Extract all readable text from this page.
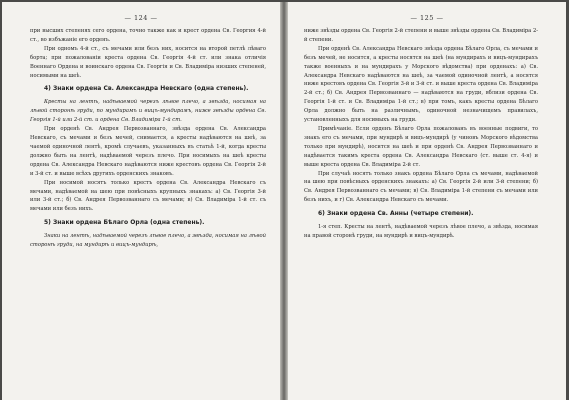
— 124 —

при высших степенях сего ордена, точно также как и крест ордена Св. Георгия 4-й ст., во избъжаніе его орденъ.

При одномъ 4-й ст., съ мечами или безъ них, носится на второй петлѣ лѣваго борта; при пожалованіи креста ордена Св. Георгія 4-й ст. или знака отличія Военнаго Ордена и воинскаго ордена Св. Георгія и Св. Владиміра низших степеней, носимыми на шеѣ.

4) Знаки ордена Св. Александра Невскаго (одна степень).

Кресты на лентѣ, надѣваемой черезъ лѣвое плечо, а звѣзда, носимая на лѣвой сторонѣ груди, по мундирамъ и вицъ-мундирамъ, ниже звѣзды ордена Св. Георгія 1-й или 2-й ст. и ордена Св. Владиміра 1-й ст.

При орденѣ Св. Андрея Первозваннаго, звѣзда ордена Св. Александра Невскаго, съ мечами и безъ мечей, снимается, а кресты надѣваются на шеѣ, за чаемой одиночной лентѣ, кромѣ случаевъ, указанныхъ въ статьѣ 1-й, когда кресты должно быть на лентѣ, надѣваемой черезъ плечо. При носимыхъ на шеѣ кресты ордена Св. Александра Невскаго надѣваются ниже крестовъ ордена Св. Георгія 2-й и 3-й ст. и выше всѣхъ другихъ орденскихъ знаковъ.

При носимой носятъ только крестъ ордена Св. Александра Невскаго съ мечами, надѣваемой на шею при повѣсныхъ крупныхъ знакахъ: а) Св. Георгія 3-й или 3-й ст.; б) Св. Андрея Первозваннаго съ мечами; в) Св. Владиміра 1-й ст. съ мечами или безъ нихъ.

5) Знаки ордена Бѣлаго Орла (одна степень).

Знаки на лентѣ, надѣваемой черезъ лѣвое плечо, а звѣзда, носимая на лѣвой сторонѣ груди, на мундирѣ и вицъ-мундирѣ,

— 125 —

ниже звѣзды ордена Св. Георгія 2-й степени и выше звѣзды ордена Св. Владиміра 2-й степени.

При орденѣ Св. Александра Невскаго звѣзда ордена Бѣлаго Орла, съ мечами и безъ мечей, не носится, а кресты носятся на шеѣ (на мундирахъ и вицъ-мундирахъ также военныхъ и на мундирахъ у Морского вѣдомства) при орденахъ: а) Св. Александра Невскаго надѣваются на шеѣ, за чаемой одиночной лентѣ, а носятся ниже крестовъ ордена Св. Георгія 3-й и 3-й ст. и выше креста ордена Св. Владиміра 2-й ст.; б) Св. Андрея Первозваннаго — надѣваются на груди, вблизи ордена Св. Георгія 1-й ст. и Св. Владиміра 1-й ст.; в) при томъ, какъ кресты ордена Бѣлаго Орла должно быть на различнымъ, одиночной незначищемъ правилахъ, установленныхъ для носимыхъ на груди.

Примѣчаніе. Если орденъ Бѣлаго Орла пожалованъ въ военные подвиги, то знакъ его съ мечами, при мундирѣ и вицъ-мундирѣ (у чиновъ Морского вѣдомства только при мундирѣ), носится на шеѣ и при орденѣ Св. Андрея Первозваннаго и надѣвается такимъ креста ордена Св. Александра Невскаго (ст. выше ст. 4-я) и выше креста ордена Св. Владиміра 2-й ст.

При случаѣ носятъ только знакъ ордена Бѣлаго Орла съ мечами, надѣваемой на шею при повѣсныхъ орденскихъ знакахъ: а) Св. Георгія 2-й или 3-й степени; б) Св. Андрея Первозваннаго съ мечами; в) Св. Владиміра 1-й степени съ мечами или безъ нихъ, и г) Св. Александра Невскаго съ мечами.

6) Знаки ордена Св. Анны (четыре степени).

1-я степ. Кресты на лентѣ, надѣваемой черезъ лѣвое плечо, а звѣзда, носимая на правой сторонѣ груди, на мундирѣ и вицъ-мундирѣ.
